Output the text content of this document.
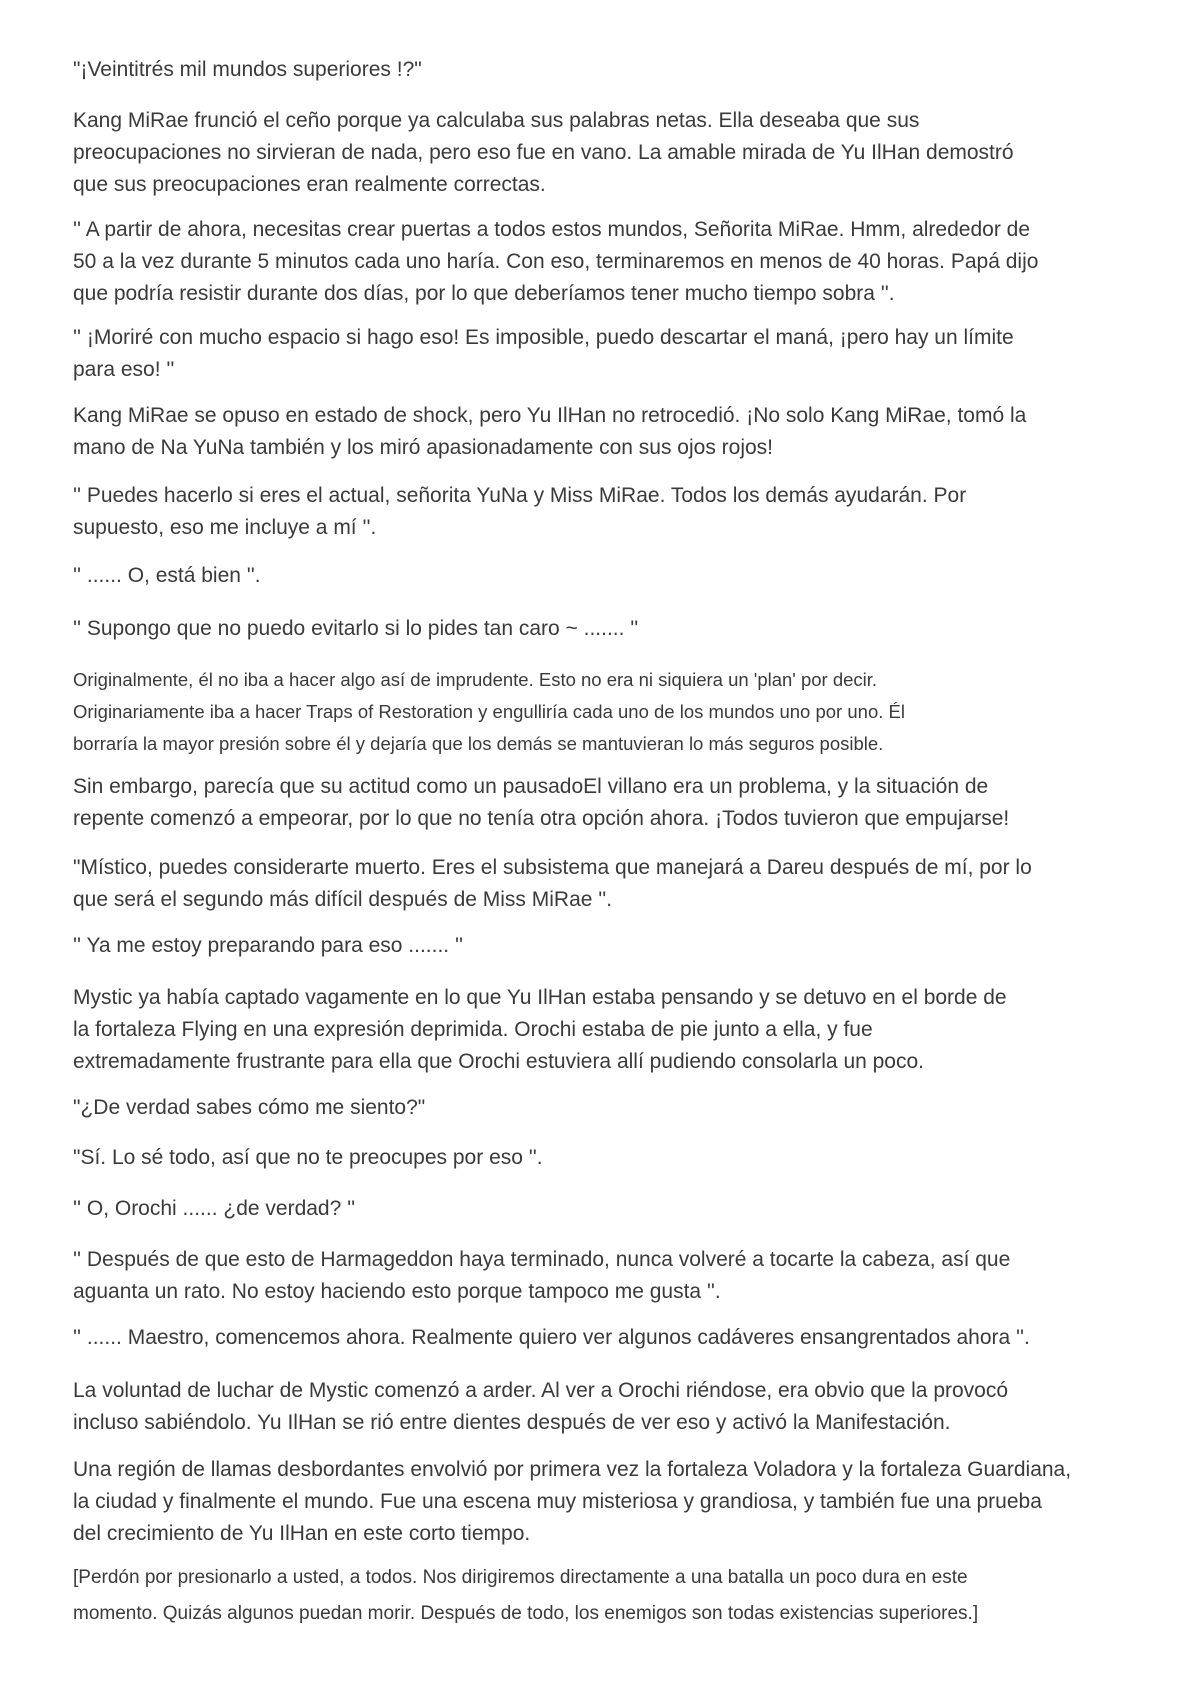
"¡Veintitrés mil mundos superiores !?"

Kang MiRae frunció el ceño porque ya calculaba sus palabras netas. Ella deseaba que sus
preocupaciones no sirvieran de nada, pero eso fue en vano. La amable mirada de Yu IlHan demostró
que sus preocupaciones eran realmente correctas.

'' A partir de ahora, necesitas crear puertas a todos estos mundos, Señorita MiRae. Hmm, alrededor de
50 a la vez durante 5 minutos cada uno haría. Con eso, terminaremos en menos de 40 horas. Papá dijo
que podría resistir durante dos días, por lo que deberíamos tener mucho tiempo sobra ''.

'' ¡Moriré con mucho espacio si hago eso! Es imposible, puedo descartar el maná, ¡pero hay un límite
para eso! ''

Kang MiRae se opuso en estado de shock, pero Yu IlHan no retrocedió. ¡No solo Kang MiRae, tomó la
mano de Na YuNa también y los miró apasionadamente con sus ojos rojos!

'' Puedes hacerlo si eres el actual, señorita YuNa y Miss MiRae. Todos los demás ayudarán. Por
supuesto, eso me incluye a mí ''.

'' ...... O, está bien ''.

'' Supongo que no puedo evitarlo si lo pides tan caro ~ ....... ''

Originalmente, él no iba a hacer algo así de imprudente. Esto no era ni siquiera un 'plan' por decir.
Originariamente iba a hacer Traps of Restoration y engulliría cada uno de los mundos uno por uno. Él
borraría la mayor presión sobre él y dejaría que los demás se mantuvieran lo más seguros posible.

Sin embargo, parecía que su actitud como un pausadoEl villano era un problema, y la situación de
repente comenzó a empeorar, por lo que no tenía otra opción ahora. ¡Todos tuvieron que empujarse!

"Místico, puedes considerarte muerto. Eres el subsistema que manejará a Dareu después de mí, por lo
que será el segundo más difícil después de Miss MiRae ''.

'' Ya me estoy preparando para eso ....... ''

Mystic ya había captado vagamente en lo que Yu IlHan estaba pensando y se detuvo en el borde de
la fortaleza Flying en una expresión deprimida. Orochi estaba de pie junto a ella, y fue
extremadamente frustrante para ella que Orochi estuviera allí pudiendo consolarla un poco.

"¿De verdad sabes cómo me siento?"

"Sí. Lo sé todo, así que no te preocupes por eso ''.

'' O, Orochi ...... ¿de verdad? ''

'' Después de que esto de Harmageddon haya terminado, nunca volveré a tocarte la cabeza, así que
aguanta un rato. No estoy haciendo esto porque tampoco me gusta ''.

'' ...... Maestro, comencemos ahora. Realmente quiero ver algunos cadáveres ensangrentados ahora ''.

La voluntad de luchar de Mystic comenzó a arder. Al ver a Orochi riéndose, era obvio que la provocó
incluso sabiéndolo. Yu IlHan se rió entre dientes después de ver eso y activó la Manifestación.

Una región de llamas desbordantes envolvió por primera vez la fortaleza Voladora y la fortaleza Guardiana,
la ciudad y finalmente el mundo. Fue una escena muy misteriosa y grandiosa, y también fue una prueba
del crecimiento de Yu IlHan en este corto tiempo.

[Perdón por presionarlo a usted, a todos. Nos dirigiremos directamente a una batalla un poco dura en este
momento. Quizás algunos puedan morir. Después de todo, los enemigos son todas existencias superiores.]
